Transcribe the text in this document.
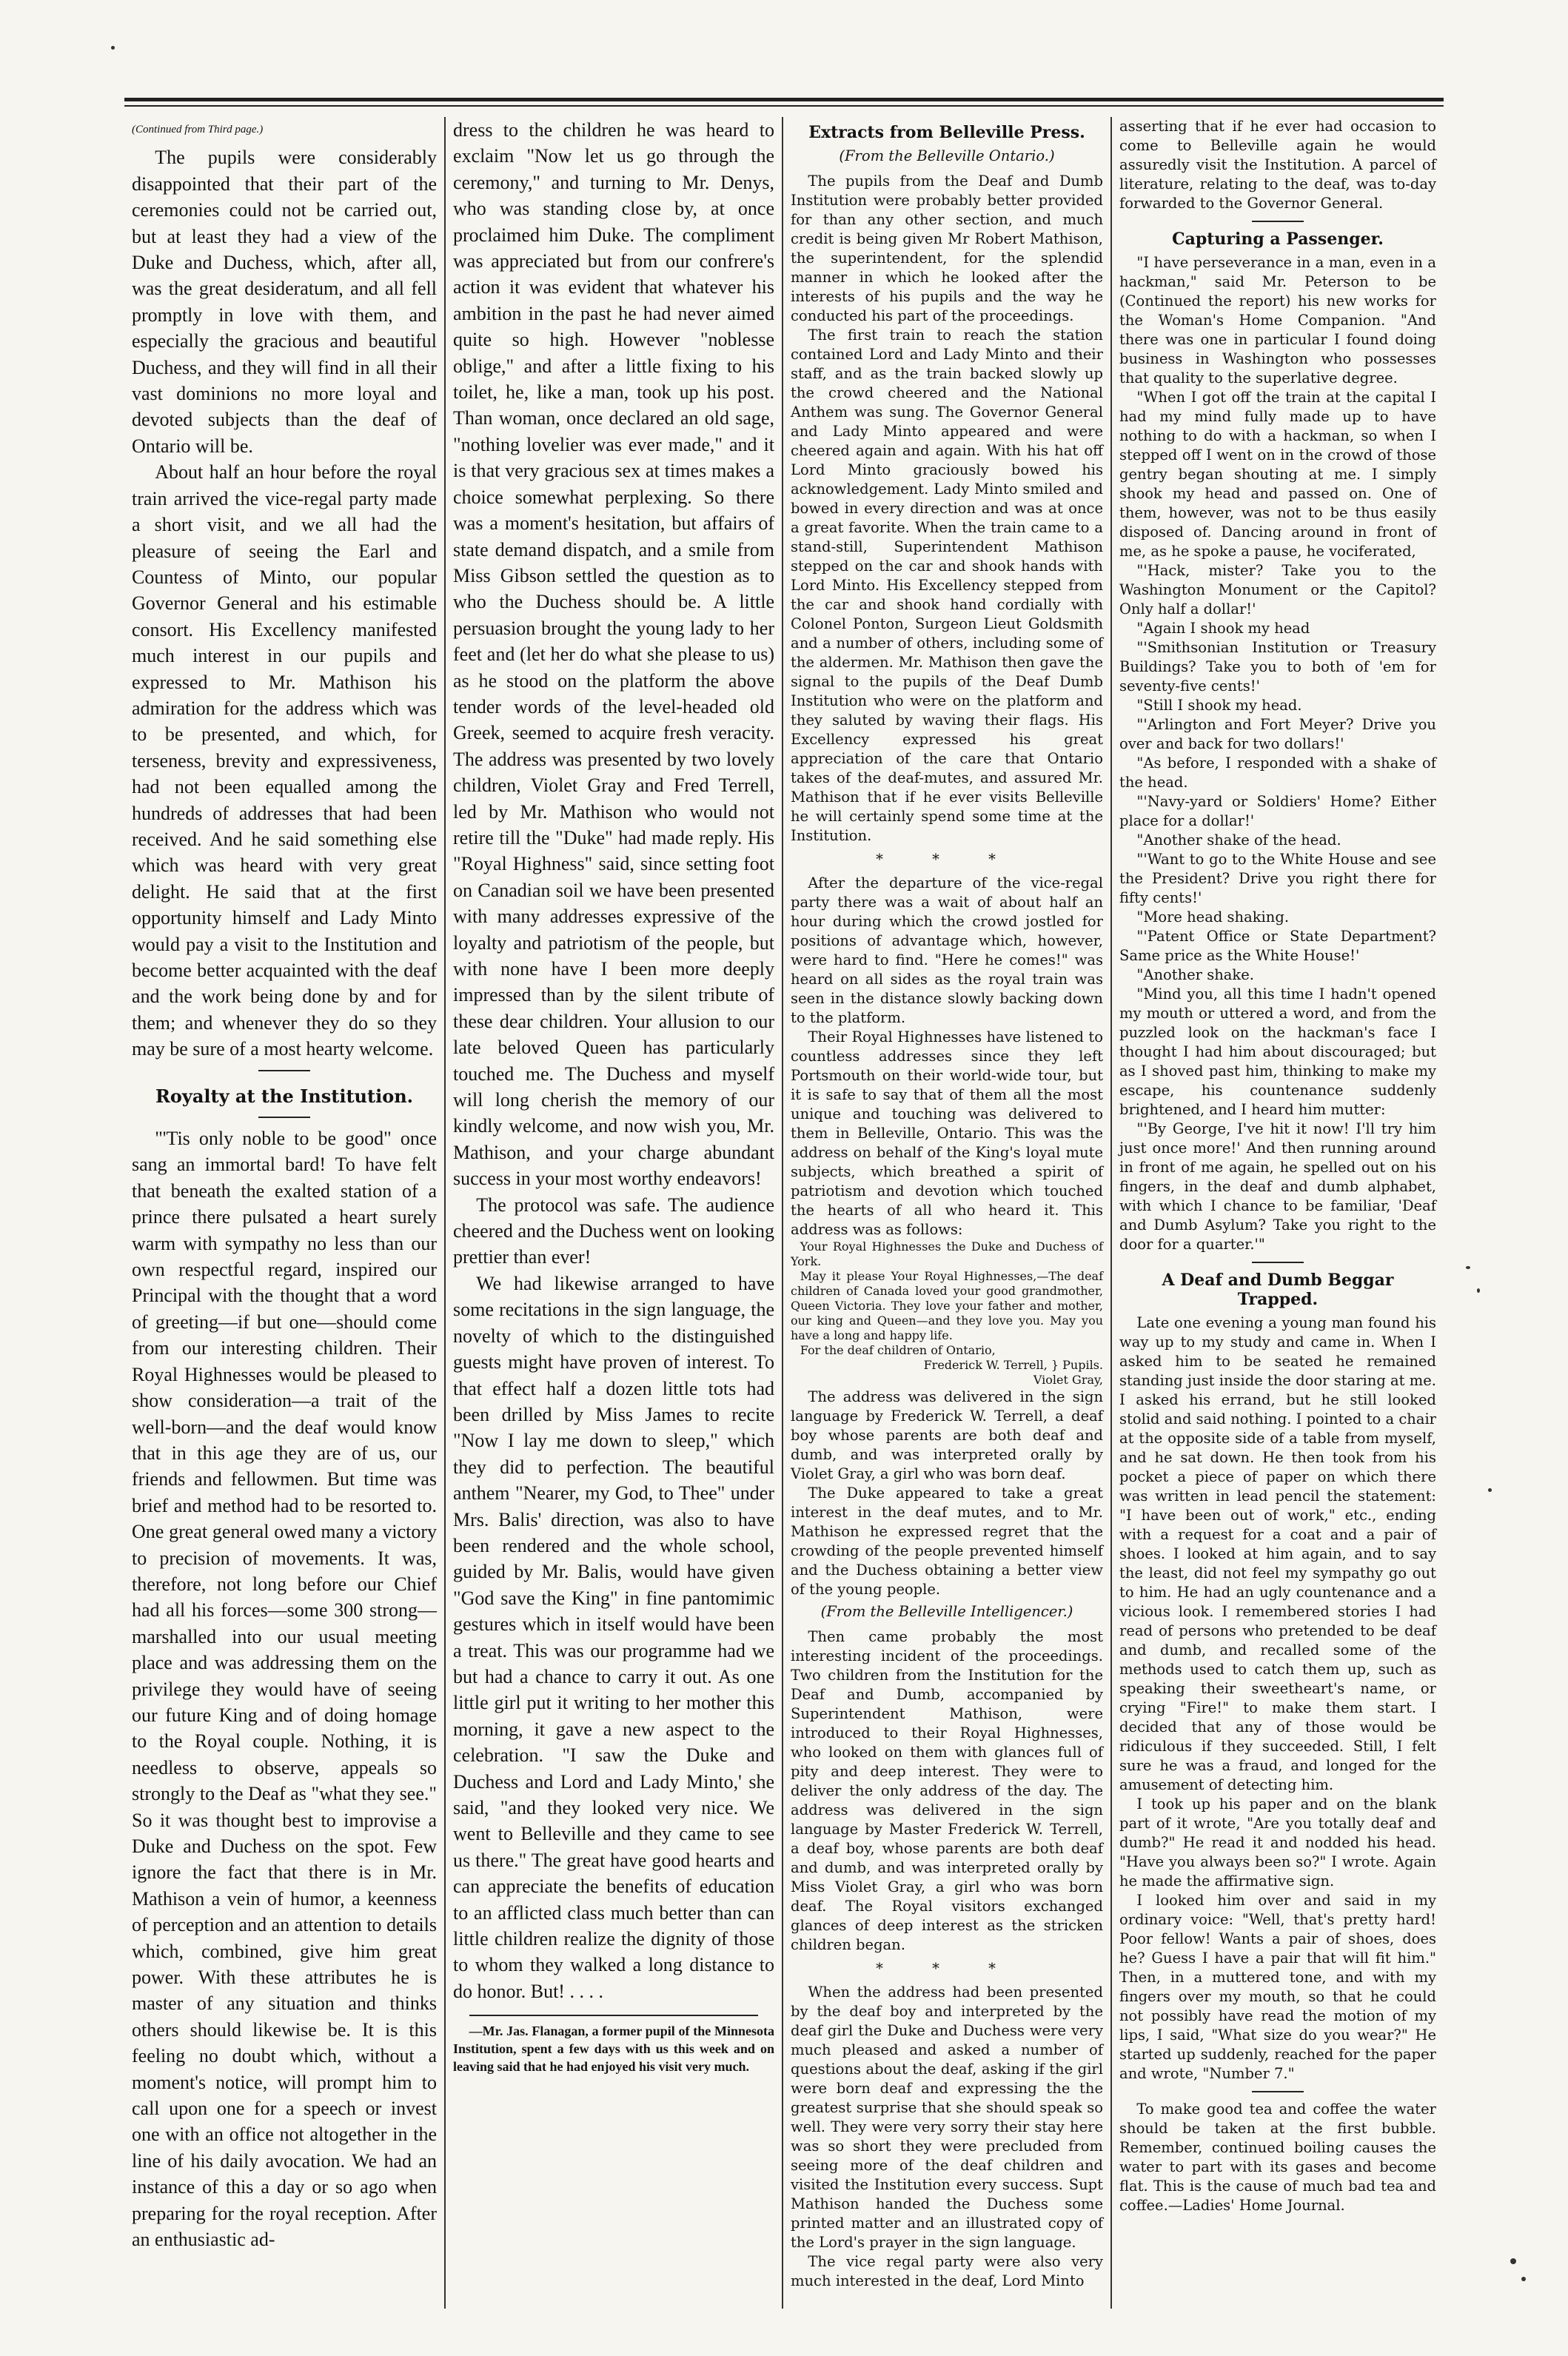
(Continued from Third page.)

The pupils were considerably disappointed that their part of the ceremonies could not be carried out, but at least they had a view of the Duke and Duchess, which, after all, was the great desideratum, and all fell promptly in love with them, and especially the gracious and beautiful Duchess, and they will find in all their vast dominions no more loyal and devoted subjects than the deaf of Ontario will be.

About half an hour before the royal train arrived the vice-regal party made a short visit, and we all had the pleasure of seeing the Earl and Countess of Minto, our popular Governor General and his estimable consort. His Excellency manifested much interest in our pupils and expressed to Mr. Mathison his admiration for the address which was to be presented, and which, for terseness, brevity and expressiveness, had not been equalled among the hundreds of addresses that had been received. And he said something else which was heard with very great delight. He said that at the first opportunity himself and Lady Minto would pay a visit to the Institution and become better acquainted with the deaf and the work being done by and for them; and whenever they do so they may be sure of a most hearty welcome.

Royalty at the Institution.

"'Tis only noble to be good" once sang an immortal bard! To have felt that beneath the exalted station of a prince there pulsated a heart surely warm with sympathy no less than our own respectful regard, inspired our Principal with the thought that a word of greeting—if but one—should come from our interesting children. Their Royal Highnesses would be pleased to show consideration—a trait of the well-born—and the deaf would know that in this age they are of us, our friends and fellowmen. But time was brief and method had to be resorted to. One great general owed many a victory to precision of movements. It was, therefore, not long before our Chief had all his forces—some 300 strong—marshalled into our usual meeting place and was addressing them on the privilege they would have of seeing our future King and of doing homage to the Royal couple. Nothing, it is needless to observe, appeals so strongly to the Deaf as "what they see." So it was thought best to improvise a Duke and Duchess on the spot. Few ignore the fact that there is in Mr. Mathison a vein of humor, a keenness of perception and an attention to details which, combined, give him great power. With these attributes he is master of any situation and thinks others should likewise be. It is this feeling no doubt which, without a moment's notice, will prompt him to call upon one for a speech or invest one with an office not altogether in the line of his daily avocation. We had an instance of this a day or so ago when preparing for the royal reception. After an enthusiastic ad-

dress to the children he was heard to exclaim "Now let us go through the ceremony," and turning to Mr. Denys, who was standing close by, at once proclaimed him Duke. The compliment was appreciated but from our confrere's action it was evident that whatever his ambition in the past he had never aimed quite so high. However "noblesse oblige," and after a little fixing to his toilet, he, like a man, took up his post. Than woman, once declared an old sage, "nothing lovelier was ever made," and it is that very gracious sex at times makes a choice somewhat perplexing. So there was a moment's hesitation, but affairs of state demand dispatch, and a smile from Miss Gibson settled the question as to who the Duchess should be. A little persuasion brought the young lady to her feet and (let her do what she please to us) as he stood on the platform the above tender words of the level-headed old Greek, seemed to acquire fresh veracity. The address was presented by two lovely children, Violet Gray and Fred Terrell, led by Mr. Mathison who would not retire till the "Duke" had made reply. His "Royal Highness" said, since setting foot on Canadian soil we have been presented with many addresses expressive of the loyalty and patriotism of the people, but with none have I been more deeply impressed than by the silent tribute of these dear children. Your allusion to our late beloved Queen has particularly touched me. The Duchess and myself will long cherish the memory of our kindly welcome, and now wish you, Mr. Mathison, and your charge abundant success in your most worthy endeavors!

The protocol was safe. The audience cheered and the Duchess went on looking prettier than ever!

We had likewise arranged to have some recitations in the sign language, the novelty of which to the distinguished guests might have proven of interest. To that effect half a dozen little tots had been drilled by Miss James to recite "Now I lay me down to sleep," which they did to perfection. The beautiful anthem "Nearer, my God, to Thee" under Mrs. Balis' direction, was also to have been rendered and the whole school, guided by Mr. Balis, would have given "God save the King" in fine pantomimic gestures which in itself would have been a treat. This was our programme had we but had a chance to carry it out. As one little girl put it writing to her mother this morning, it gave a new aspect to the celebration. "I saw the Duke and Duchess and Lord and Lady Minto,' she said, "and they looked very nice. We went to Belleville and they came to see us there." The great have good hearts and can appreciate the benefits of education to an afflicted class much better than can little children realize the dignity of those to whom they walked a long distance to do honor. But! . . . .

—Mr. Jas. Flanagan, a former pupil of the Minnesota Institution, spent a few days with us this week and on leaving said that he had enjoyed his visit very much.

Extracts from Belleville Press.

(From the Belleville Ontario.)

The pupils from the Deaf and Dumb Institution were probably better provided for than any other section, and much credit is being given Mr Robert Mathison, the superintendent, for the splendid manner in which he looked after the interests of his pupils and the way he conducted his part of the proceedings.

The first train to reach the station contained Lord and Lady Minto and their staff, and as the train backed slowly up the crowd cheered and the National Anthem was sung. The Governor General and Lady Minto appeared and were cheered again and again. With his hat off Lord Minto graciously bowed his acknowledgement. Lady Minto smiled and bowed in every direction and was at once a great favorite. When the train came to a stand-still, Superintendent Mathison stepped on the car and shook hands with Lord Minto. His Excellency stepped from the car and shook hand cordially with Colonel Ponton, Surgeon Lieut Goldsmith and a number of others, including some of the aldermen. Mr. Mathison then gave the signal to the pupils of the Deaf Dumb Institution who were on the platform and they saluted by waving their flags. His Excellency expressed his great appreciation of the care that Ontario takes of the deaf-mutes, and assured Mr. Mathison that if he ever visits Belleville he will certainly spend some time at the Institution.

* * *

After the departure of the vice-regal party there was a wait of about half an hour during which the crowd jostled for positions of advantage which, however, were hard to find. "Here he comes!" was heard on all sides as the royal train was seen in the distance slowly backing down to the platform.

Their Royal Highnesses have listened to countless addresses since they left Portsmouth on their world-wide tour, but it is safe to say that of them all the most unique and touching was delivered to them in Belleville, Ontario. This was the address on behalf of the King's loyal mute subjects, which breathed a spirit of patriotism and devotion which touched the hearts of all who heard it. This address was as follows:

Your Royal Highnesses the Duke and Duchess of York.

May it please Your Royal Highnesses,—The deaf children of Canada loved your good grandmother, Queen Victoria. They love your father and mother, our king and Queen—and they love you. May you have a long and happy life.

For the deaf children of Ontario,

Frederick W. Terrell, } Pupils.

Violet Gray,

The address was delivered in the sign language by Frederick W. Terrell, a deaf boy whose parents are both deaf and dumb, and was interpreted orally by Violet Gray, a girl who was born deaf.

The Duke appeared to take a great interest in the deaf mutes, and to Mr. Mathison he expressed regret that the crowding of the people prevented himself and the Duchess obtaining a better view of the young people.

(From the Belleville Intelligencer.)

Then came probably the most interesting incident of the proceedings. Two children from the Institution for the Deaf and Dumb, accompanied by Superintendent Mathison, were introduced to their Royal Highnesses, who looked on them with glances full of pity and deep interest. They were to deliver the only address of the day. The address was delivered in the sign language by Master Frederick W. Terrell, a deaf boy, whose parents are both deaf and dumb, and was interpreted orally by Miss Violet Gray, a girl who was born deaf. The Royal visitors exchanged glances of deep interest as the stricken children began.

* * *

When the address had been presented by the deaf boy and interpreted by the deaf girl the Duke and Duchess were very much pleased and asked a number of questions about the deaf, asking if the girl were born deaf and expressing the the greatest surprise that she should speak so well. They were very sorry their stay here was so short they were precluded from seeing more of the deaf children and visited the Institution every success. Supt Mathison handed the Duchess some printed matter and an illustrated copy of the Lord's prayer in the sign language.

The vice regal party were also very much interested in the deaf, Lord Minto

asserting that if he ever had occasion to come to Belleville again he would assuredly visit the Institution. A parcel of literature, relating to the deaf, was to-day forwarded to the Governor General.

Capturing a Passenger.

"I have perseverance in a man, even in a hackman," said Mr. Peterson to be (Continued the report) his new works for the Woman's Home Companion. "And there was one in particular I found doing business in Washington who possesses that quality to the superlative degree.

"When I got off the train at the capital I had my mind fully made up to have nothing to do with a hackman, so when I stepped off I went on in the crowd of those gentry began shouting at me. I simply shook my head and passed on. One of them, however, was not to be thus easily disposed of. Dancing around in front of me, as he spoke a pause, he vociferated,

"'Hack, mister? Take you to the Washington Monument or the Capitol? Only half a dollar!'

"Again I shook my head

"'Smithsonian Institution or Treasury Buildings? Take you to both of 'em for seventy-five cents!'

"Still I shook my head.

"'Arlington and Fort Meyer? Drive you over and back for two dollars!'

"As before, I responded with a shake of the head.

"'Navy-yard or Soldiers' Home? Either place for a dollar!'

"Another shake of the head.

"'Want to go to the White House and see the President? Drive you right there for fifty cents!'

"More head shaking.

"'Patent Office or State Department? Same price as the White House!'

"Another shake.

"Mind you, all this time I hadn't opened my mouth or uttered a word, and from the puzzled look on the hackman's face I thought I had him about discouraged; but as I shoved past him, thinking to make my escape, his countenance suddenly brightened, and I heard him mutter:

"'By George, I've hit it now! I'll try him just once more!' And then running around in front of me again, he spelled out on his fingers, in the deaf and dumb alphabet, with which I chance to be familiar, 'Deaf and Dumb Asylum? Take you right to the door for a quarter.'"

A Deaf and Dumb Beggar Trapped.

Late one evening a young man found his way up to my study and came in. When I asked him to be seated he remained standing just inside the door staring at me. I asked his errand, but he still looked stolid and said nothing. I pointed to a chair at the opposite side of a table from myself, and he sat down. He then took from his pocket a piece of paper on which there was written in lead pencil the statement: "I have been out of work," etc., ending with a request for a coat and a pair of shoes. I looked at him again, and to say the least, did not feel my sympathy go out to him. He had an ugly countenance and a vicious look. I remembered stories I had read of persons who pretended to be deaf and dumb, and recalled some of the methods used to catch them up, such as speaking their sweetheart's name, or crying "Fire!" to make them start. I decided that any of those would be ridiculous if they succeeded. Still, I felt sure he was a fraud, and longed for the amusement of detecting him.

I took up his paper and on the blank part of it wrote, "Are you totally deaf and dumb?" He read it and nodded his head. "Have you always been so?" I wrote. Again he made the affirmative sign.

I looked him over and said in my ordinary voice: "Well, that's pretty hard! Poor fellow! Wants a pair of shoes, does he? Guess I have a pair that will fit him." Then, in a muttered tone, and with my fingers over my mouth, so that he could not possibly have read the motion of my lips, I said, "What size do you wear?" He started up suddenly, reached for the paper and wrote, "Number 7."

To make good tea and coffee the water should be taken at the first bubble. Remember, continued boiling causes the water to part with its gases and become flat. This is the cause of much bad tea and coffee.—Ladies' Home Journal.
